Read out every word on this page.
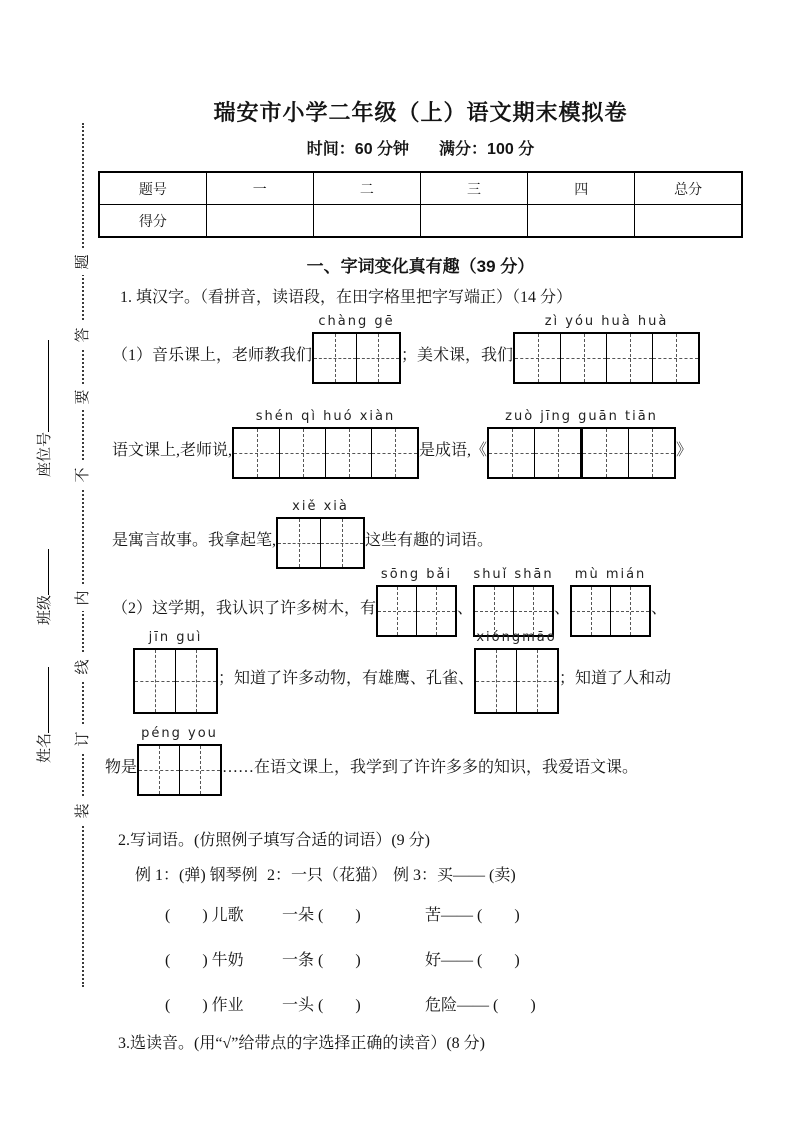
题
答
要
不
内
线
订
装
座位号
班级
姓名
瑞安市小学二年级（上）语文期末模拟卷
时间：60 分钟 满分：100 分
题号	一	二	三	四	总分
得分					
一、字词变化真有趣（39 分）
1. 填汉字。（看拼音，读语段，在田字格里把字写端正）（14 分）
（1）音乐课上，老师教我们
chàng gē
；美术课，我们
zì yóu huà huà
语文课上,老师说,
shén qì huó xiàn
是成语,《
zuò jīng guān tiān
》
是寓言故事。我拿起笔,
xiě xià
这些有趣的词语。
（2）这学期，我认识了许多树木，有
sōng bǎi
、
shuǐ shān
、
mù mián
、
jīn guì
；知道了许多动物，有雄鹰、孔雀、
xióngmāo
；知道了人和动
物是
péng you
……在语文课上，我学到了许许多多的知识，我爱语文课。
2.写词语。(仿照例子填写合适的词语）(9 分)
例 1：(弹) 钢琴例 2：一只（花猫） 例 3：买—— (卖)
(　　) 儿歌	一朵 (　　)	苦—— (　　)
(　　) 牛奶	一条 (　　)	好—— (　　)
(　　) 作业	一头 (　　)	危险—— (　　)
3.选读音。(用“√”给带点的字选择正确的读音）(8 分)
